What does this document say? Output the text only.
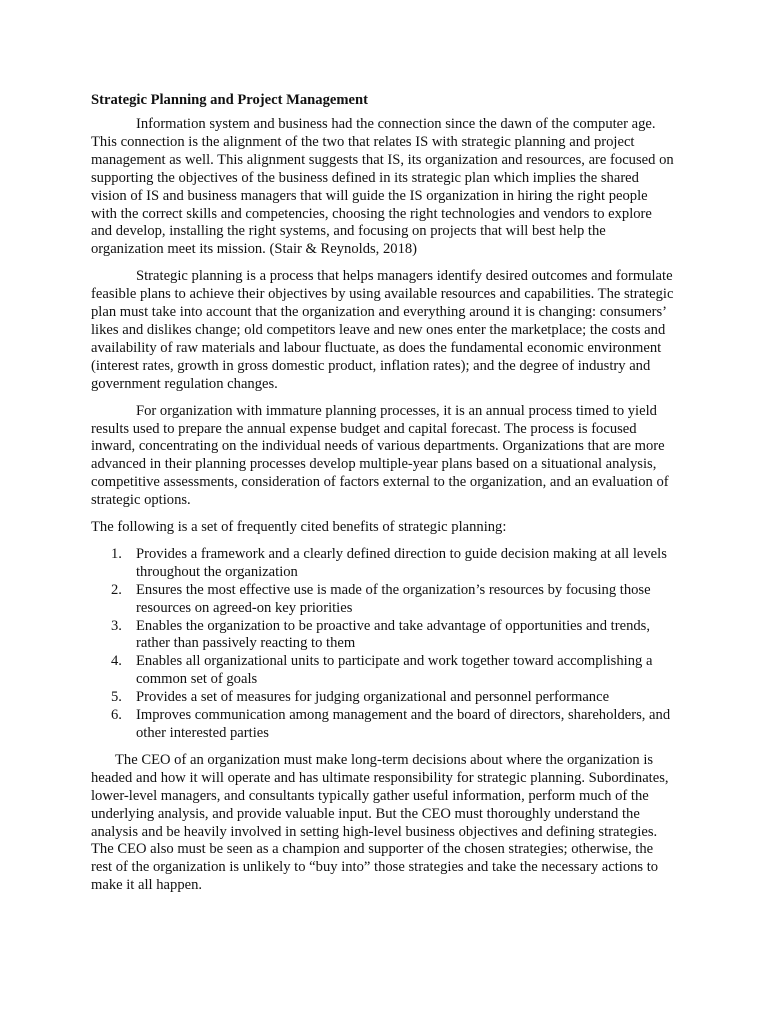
Strategic Planning and Project Management

Information system and business had the connection since the dawn of the computer age. This connection is the alignment of the two that relates IS with strategic planning and project management as well. This alignment suggests that IS, its organization and resources, are focused on supporting the objectives of the business defined in its strategic plan which implies the shared vision of IS and business managers that will guide the IS organization in hiring the right people with the correct skills and competencies, choosing the right technologies and vendors to explore and develop, installing the right systems, and focusing on projects that will best help the organization meet its mission. (Stair & Reynolds, 2018)

Strategic planning is a process that helps managers identify desired outcomes and formulate feasible plans to achieve their objectives by using available resources and capabilities. The strategic plan must take into account that the organization and everything around it is changing: consumers’ likes and dislikes change; old competitors leave and new ones enter the marketplace; the costs and availability of raw materials and labour fluctuate, as does the fundamental economic environment (interest rates, growth in gross domestic product, inflation rates); and the degree of industry and government regulation changes.

For organization with immature planning processes, it is an annual process timed to yield results used to prepare the annual expense budget and capital forecast. The process is focused inward, concentrating on the individual needs of various departments. Organizations that are more advanced in their planning processes develop multiple-year plans based on a situational analysis, competitive assessments, consideration of factors external to the organization, and an evaluation of strategic options.

The following is a set of frequently cited benefits of strategic planning:

1. Provides a framework and a clearly defined direction to guide decision making at all levels throughout the organization
2. Ensures the most effective use is made of the organization’s resources by focusing those resources on agreed-on key priorities
3. Enables the organization to be proactive and take advantage of opportunities and trends, rather than passively reacting to them
4. Enables all organizational units to participate and work together toward accomplishing a common set of goals
5. Provides a set of measures for judging organizational and personnel performance
6. Improves communication among management and the board of directors, shareholders, and other interested parties

The CEO of an organization must make long-term decisions about where the organization is headed and how it will operate and has ultimate responsibility for strategic planning. Subordinates, lower-level managers, and consultants typically gather useful information, perform much of the underlying analysis, and provide valuable input. But the CEO must thoroughly understand the analysis and be heavily involved in setting high-level business objectives and defining strategies. The CEO also must be seen as a champion and supporter of the chosen strategies; otherwise, the rest of the organization is unlikely to “buy into” those strategies and take the necessary actions to make it all happen.
